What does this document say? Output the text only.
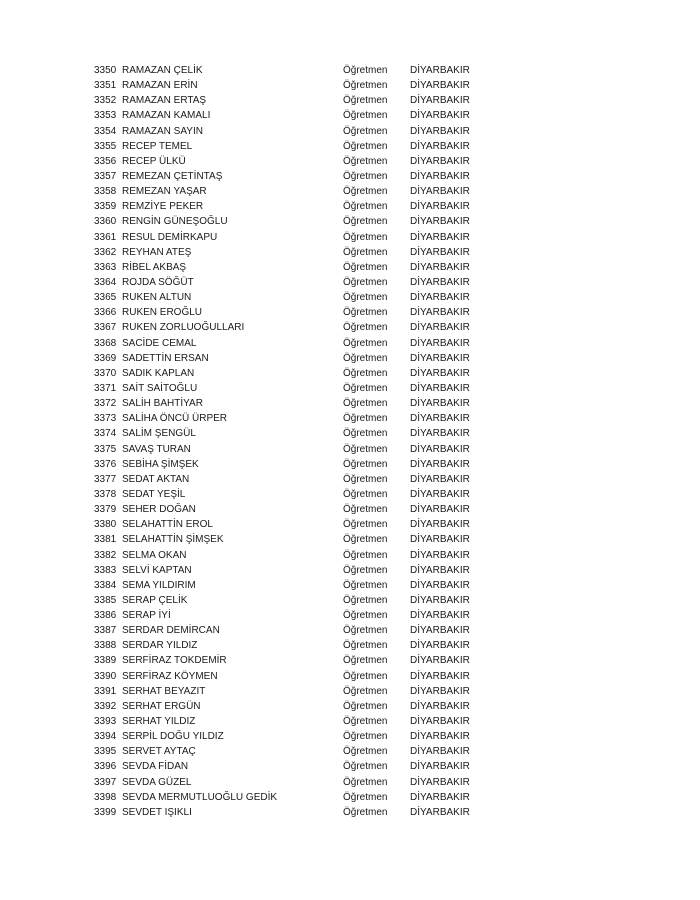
3350 RAMAZAN ÇELİK	Öğretmen DİYARBAKIR
3351 RAMAZAN ERİN	Öğretmen DİYARBAKIR
3352 RAMAZAN ERTAŞ	Öğretmen DİYARBAKIR
3353 RAMAZAN KAMALI	Öğretmen DİYARBAKIR
3354 RAMAZAN SAYIN	Öğretmen DİYARBAKIR
3355 RECEP TEMEL	Öğretmen DİYARBAKIR
3356 RECEP ÜLKÜ	Öğretmen DİYARBAKIR
3357 REMEZAN ÇETİNTAŞ	Öğretmen DİYARBAKIR
3358 REMEZAN YAŞAR	Öğretmen DİYARBAKIR
3359 REMZİYE PEKER	Öğretmen DİYARBAKIR
3360 RENGİN GÜNEŞOĞLU	Öğretmen DİYARBAKIR
3361 RESUL DEMİRKAPU	Öğretmen DİYARBAKIR
3362 REYHAN ATEŞ	Öğretmen DİYARBAKIR
3363 RİBEL AKBAŞ	Öğretmen DİYARBAKIR
3364 ROJDA SÖĞÜT	Öğretmen DİYARBAKIR
3365 RUKEN ALTUN	Öğretmen DİYARBAKIR
3366 RUKEN EROĞLU	Öğretmen DİYARBAKIR
3367 RUKEN ZORLUOĞULLARI	Öğretmen DİYARBAKIR
3368 SACİDE CEMAL	Öğretmen DİYARBAKIR
3369 SADETTİN ERSAN	Öğretmen DİYARBAKIR
3370 SADIK KAPLAN	Öğretmen DİYARBAKIR
3371 SAİT SAİTOĞLU	Öğretmen DİYARBAKIR
3372 SALİH BAHTİYAR	Öğretmen DİYARBAKIR
3373 SALİHA ÖNCÜ ÜRPER	Öğretmen DİYARBAKIR
3374 SALİM ŞENGÜL	Öğretmen DİYARBAKIR
3375 SAVAŞ TURAN	Öğretmen DİYARBAKIR
3376 SEBİHA ŞİMŞEK	Öğretmen DİYARBAKIR
3377 SEDAT AKTAN	Öğretmen DİYARBAKIR
3378 SEDAT YEŞİL	Öğretmen DİYARBAKIR
3379 SEHER DOĞAN	Öğretmen DİYARBAKIR
3380 SELAHATTİN EROL	Öğretmen DİYARBAKIR
3381 SELAHATTİN ŞİMŞEK	Öğretmen DİYARBAKIR
3382 SELMA OKAN	Öğretmen DİYARBAKIR
3383 SELVİ KAPTAN	Öğretmen DİYARBAKIR
3384 SEMA YILDIRIM	Öğretmen DİYARBAKIR
3385 SERAP ÇELİK	Öğretmen DİYARBAKIR
3386 SERAP İYİ	Öğretmen DİYARBAKIR
3387 SERDAR DEMİRCAN	Öğretmen DİYARBAKIR
3388 SERDAR YILDIZ	Öğretmen DİYARBAKIR
3389 SERFİRAZ TOKDEMİR	Öğretmen DİYARBAKIR
3390 SERFİRAZ KÖYMEN	Öğretmen DİYARBAKIR
3391 SERHAT BEYAZIT	Öğretmen DİYARBAKIR
3392 SERHAT ERGÜN	Öğretmen DİYARBAKIR
3393 SERHAT YILDIZ	Öğretmen DİYARBAKIR
3394 SERPİL DOĞU YILDIZ	Öğretmen DİYARBAKIR
3395 SERVET AYTAÇ	Öğretmen DİYARBAKIR
3396 SEVDA FİDAN	Öğretmen DİYARBAKIR
3397 SEVDA GÜZEL	Öğretmen DİYARBAKIR
3398 SEVDA MERMUTLUOĞLU GEDİK	Öğretmen DİYARBAKIR
3399 SEVDET IŞIKLI	Öğretmen DİYARBAKIR
